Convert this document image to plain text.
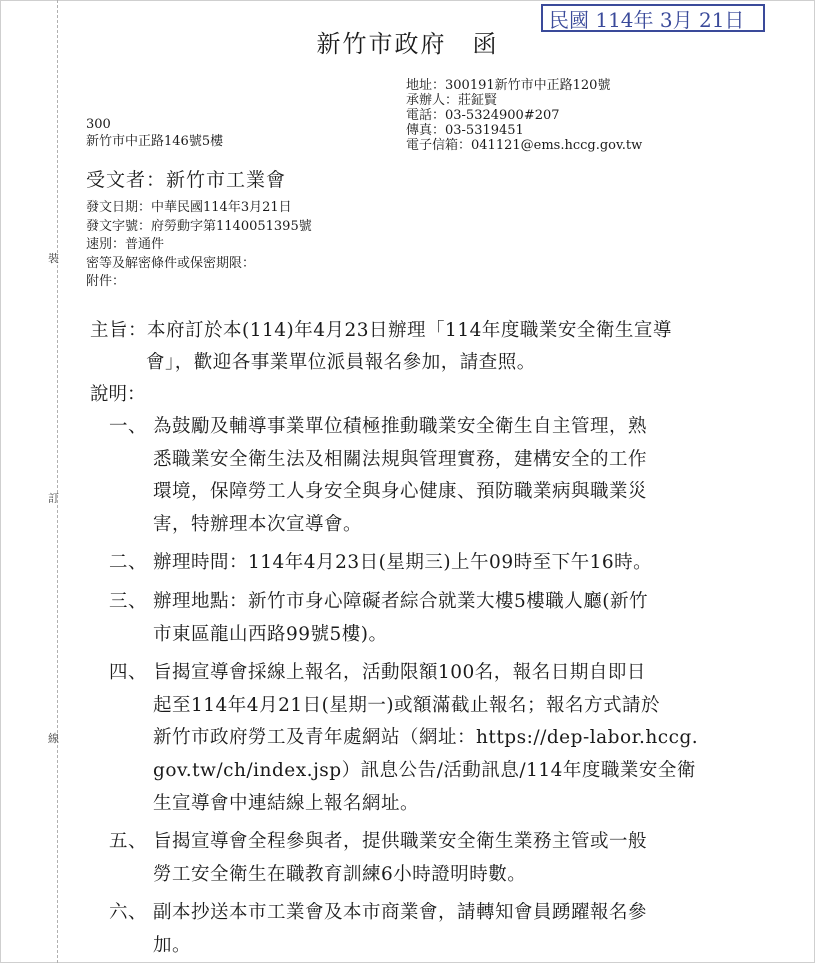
裝
訂
線
民國 114年 3月 21日
新竹市政府 函
地址：300191新竹市中正路120號
承辦人：莊鉦賢
電話：03-5324900#207
傳真：03-5319451
電子信箱：041121@ems.hccg.gov.tw
300
新竹市中正路146號5樓
受文者：新竹市工業會
發文日期：中華民國114年3月21日
發文字號：府勞動字第1140051395號
速別：普通件
密等及解密條件或保密期限：
附件：
主旨：本府訂於本(114)年4月23日辦理「114年度職業安全衛生宣導
會」，歡迎各事業單位派員報名參加，請查照。
說明：
一、 為鼓勵及輔導事業單位積極推動職業安全衛生自主管理，熟
悉職業安全衛生法及相關法規與管理實務，建構安全的工作
環境，保障勞工人身安全與身心健康、預防職業病與職業災
害，特辦理本次宣導會。
二、 辦理時間：114年4月23日(星期三)上午09時至下午16時。
三、 辦理地點：新竹市身心障礙者綜合就業大樓5樓職人廳(新竹
市東區龍山西路99號5樓)。
四、 旨揭宣導會採線上報名，活動限額100名，報名日期自即日
起至114年4月21日(星期一)或額滿截止報名；報名方式請於
新竹市政府勞工及青年處網站（網址：https://dep-labor.hccg.
gov.tw/ch/index.jsp）訊息公告/活動訊息/114年度職業安全衛
生宣導會中連結線上報名網址。
五、 旨揭宣導會全程參與者，提供職業安全衛生業務主管或一般
勞工安全衛生在職教育訓練6小時證明時數。
六、 副本抄送本市工業會及本市商業會，請轉知會員踴躍報名參
加。
